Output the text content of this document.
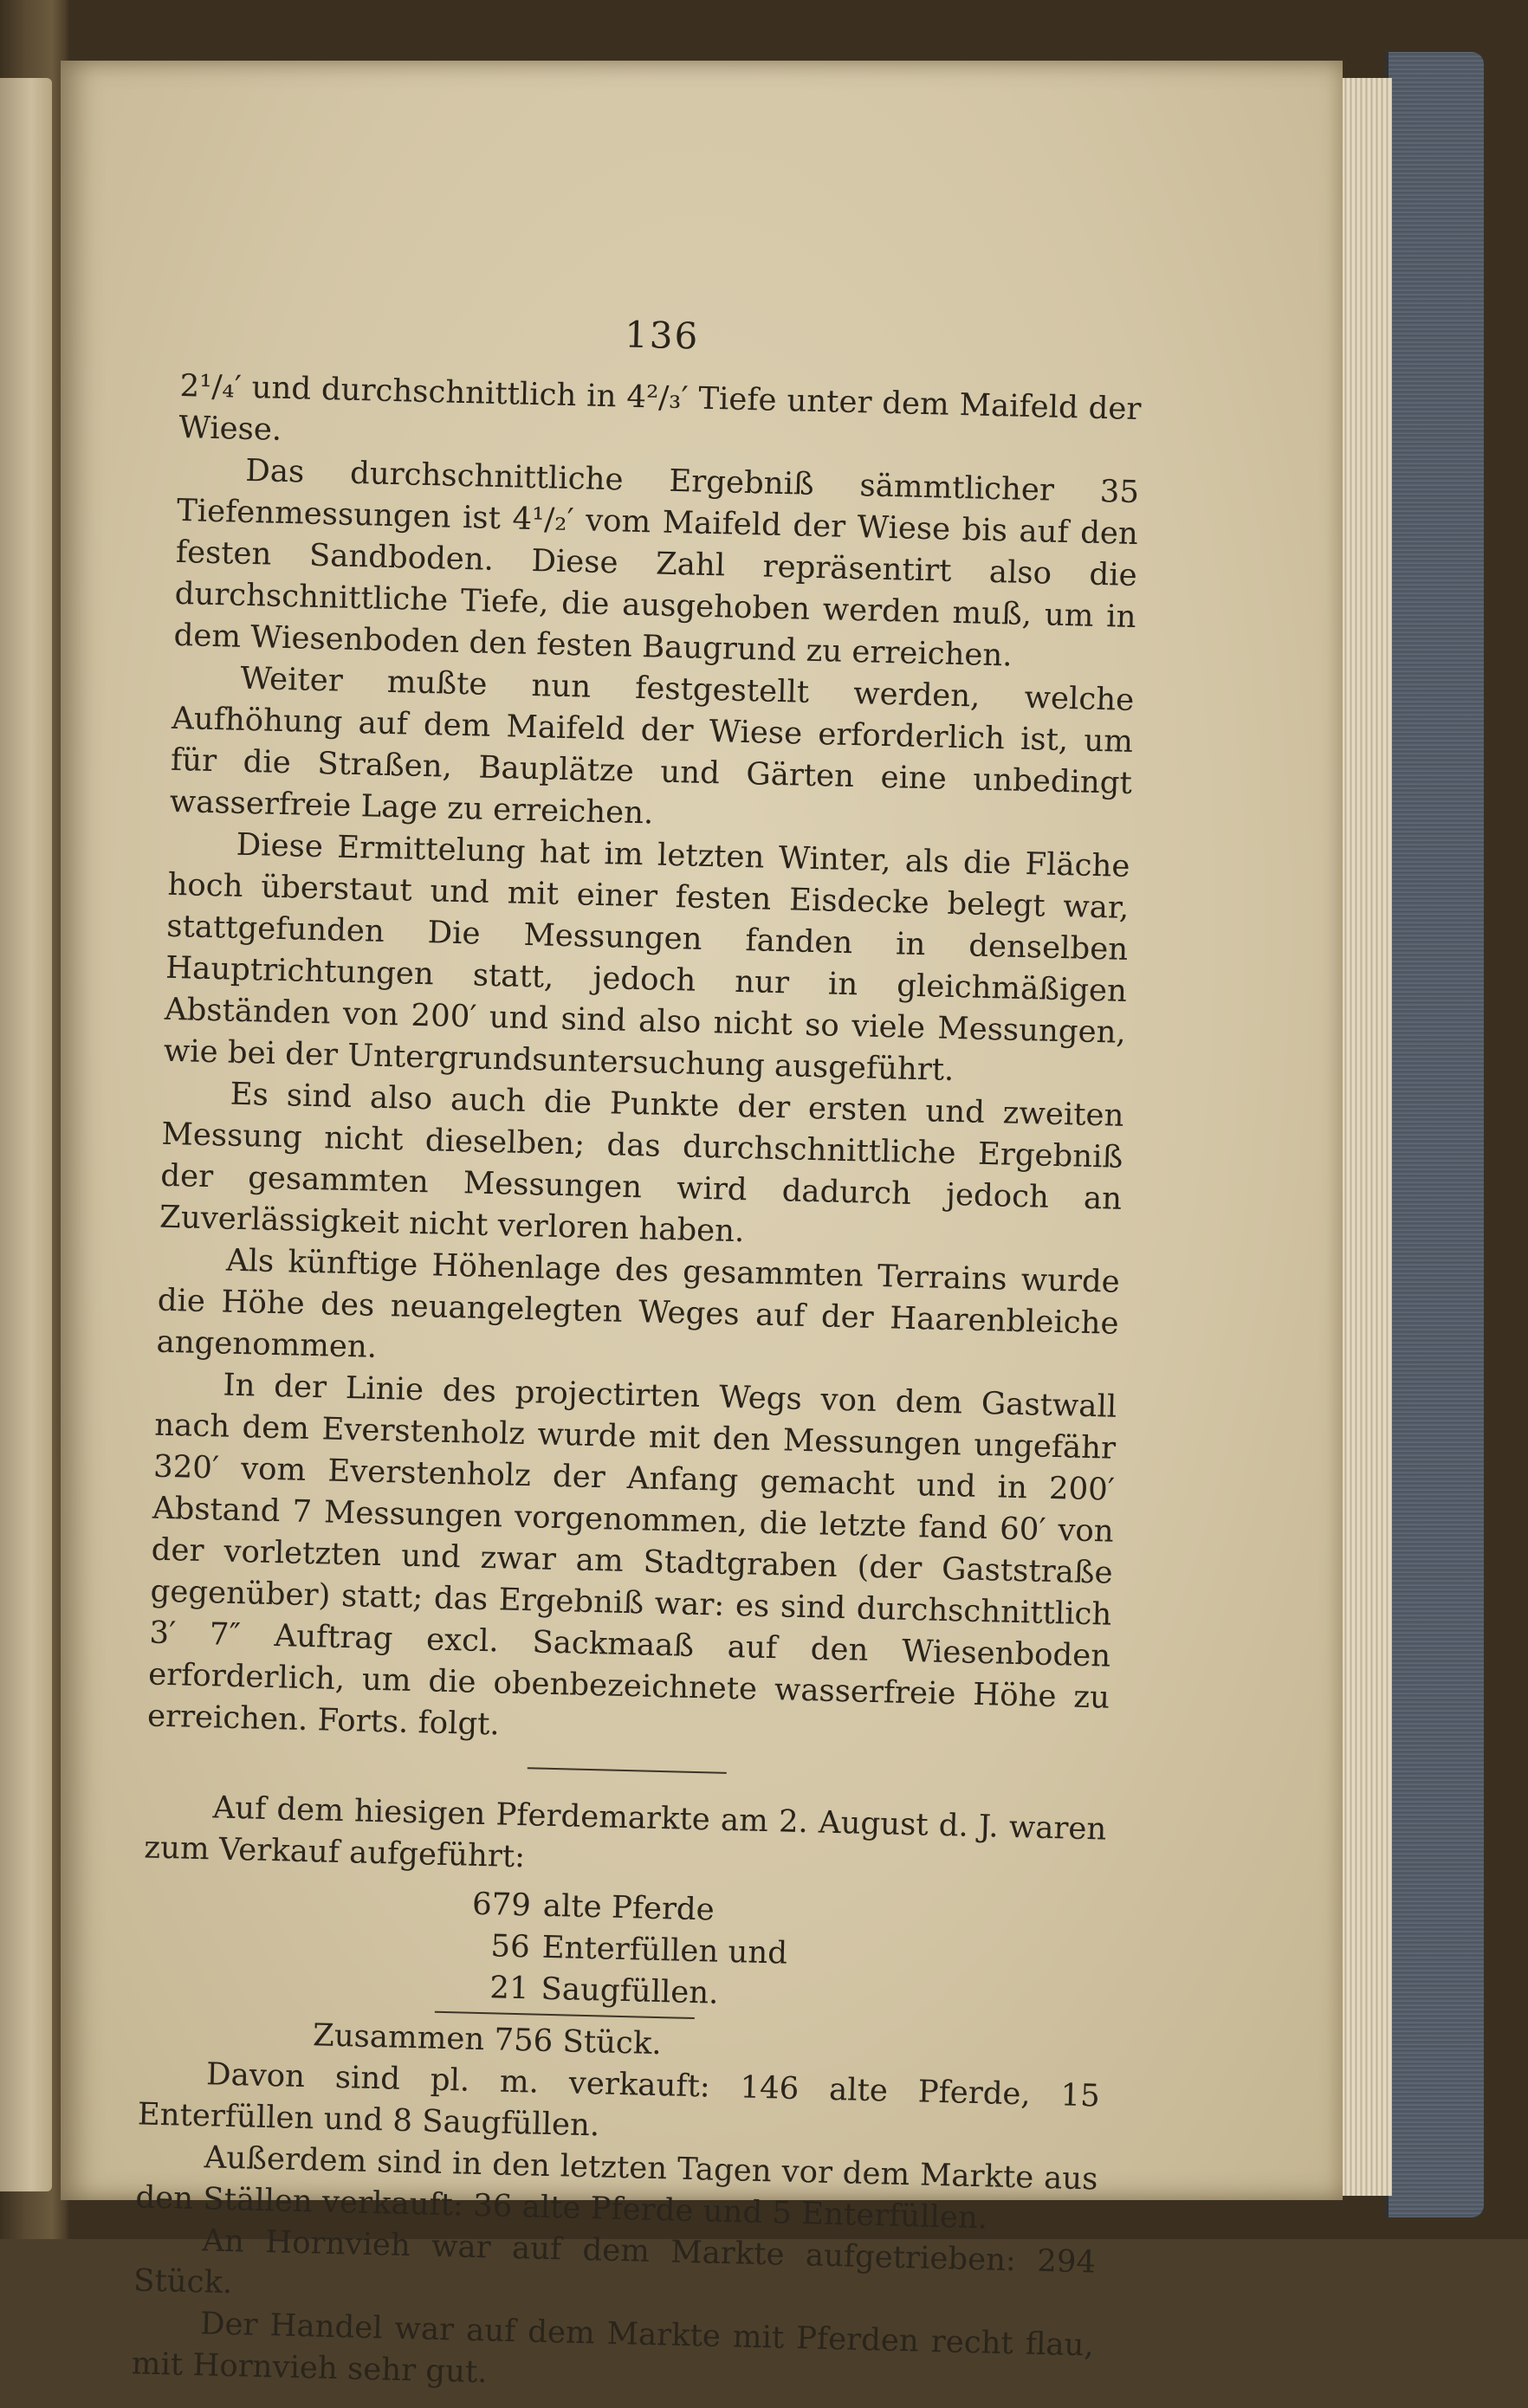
136

2¹/₄′ und durchschnittlich in 4²/₃′ Tiefe unter dem Maifeld der Wiese.

Das durchschnittliche Ergebniß sämmtlicher 35 Tiefenmessungen ist 4¹/₂′ vom Maifeld der Wiese bis auf den festen Sandboden. Diese Zahl repräsentirt also die durchschnittliche Tiefe, die ausgehoben werden muß, um in dem Wiesenboden den festen Baugrund zu erreichen.

Weiter mußte nun festgestellt werden, welche Aufhöhung auf dem Maifeld der Wiese erforderlich ist, um für die Straßen, Bauplätze und Gärten eine unbedingt wasserfreie Lage zu erreichen.

Diese Ermittelung hat im letzten Winter, als die Fläche hoch überstaut und mit einer festen Eisdecke belegt war, stattgefunden Die Messungen fanden in denselben Hauptrichtungen statt, jedoch nur in gleichmäßigen Abständen von 200′ und sind also nicht so viele Messungen, wie bei der Untergrundsuntersuchung ausgeführt.

Es sind also auch die Punkte der ersten und zweiten Messung nicht dieselben; das durchschnittliche Ergebniß der gesammten Messungen wird dadurch jedoch an Zuverlässigkeit nicht verloren haben.

Als künftige Höhenlage des gesammten Terrains wurde die Höhe des neuangelegten Weges auf der Haarenbleiche angenommen.

In der Linie des projectirten Wegs von dem Gastwall nach dem Everstenholz wurde mit den Messungen ungefähr 320′ vom Everstenholz der Anfang gemacht und in 200′ Abstand 7 Messungen vorgenommen, die letzte fand 60′ von der vorletzten und zwar am Stadtgraben (der Gaststraße gegenüber) statt; das Ergebniß war: es sind durchschnittlich 3′ 7″ Auftrag excl. Sackmaaß auf den Wiesenboden erforderlich, um die obenbezeichnete wasserfreie Höhe zu erreichen. Forts. folgt.

Auf dem hiesigen Pferdemarkte am 2. August d. J. waren zum Verkauf aufgeführt:

679 alte Pferde
56 Enterfüllen und
21 Saugfüllen.
Zusammen 756 Stück.

Davon sind pl. m. verkauft: 146 alte Pferde, 15 Enterfüllen und 8 Saugfüllen.

Außerdem sind in den letzten Tagen vor dem Markte aus den Ställen verkauft: 36 alte Pferde und 5 Enterfüllen.

An Hornvieh war auf dem Markte aufgetrieben: 294 Stück.

Der Handel war auf dem Markte mit Pferden recht flau, mit Hornvieh sehr gut.
